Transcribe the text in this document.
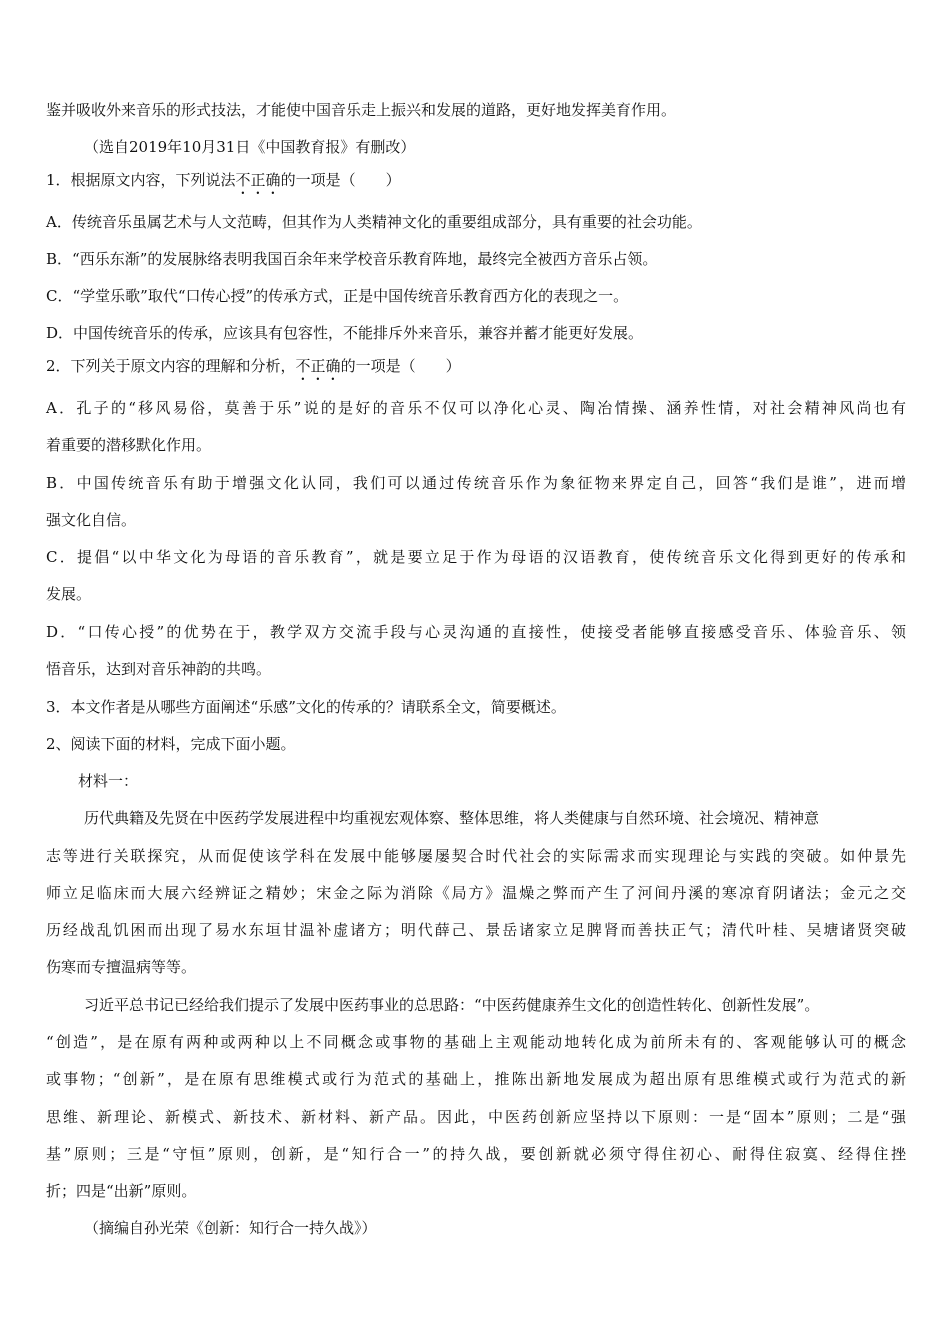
鉴并吸收外来音乐的形式技法，才能使中国音乐走上振兴和发展的道路，更好地发挥美育作用。
（选自2019年10月31日《中国教育报》有删改）
1．根据原文内容，下列说法不正确的一项是（　　）
A．传统音乐虽属艺术与人文范畴，但其作为人类精神文化的重要组成部分，具有重要的社会功能。
B．“西乐东渐”的发展脉络表明我国百余年来学校音乐教育阵地，最终完全被西方音乐占领。
C．“学堂乐歌”取代“口传心授”的传承方式，正是中国传统音乐教育西方化的表现之一。
D．中国传统音乐的传承，应该具有包容性，不能排斥外来音乐，兼容并蓄才能更好发展。
2．下列关于原文内容的理解和分析，不正确的一项是（　　）
A．孔子的“移风易俗，莫善于乐”说的是好的音乐不仅可以净化心灵、陶冶情操、涵养性情，对社会精神风尚也有
着重要的潜移默化作用。
B．中国传统音乐有助于增强文化认同，我们可以通过传统音乐作为象征物来界定自己，回答“我们是谁”，进而增
强文化自信。
C．提倡“以中华文化为母语的音乐教育”，就是要立足于作为母语的汉语教育，使传统音乐文化得到更好的传承和
发展。
D．“口传心授”的优势在于，教学双方交流手段与心灵沟通的直接性，使接受者能够直接感受音乐、体验音乐、领
悟音乐，达到对音乐神韵的共鸣。
3．本文作者是从哪些方面阐述“乐感”文化的传承的？请联系全文，简要概述。
2、阅读下面的材料，完成下面小题。
材料一：
历代典籍及先贤在中医药学发展进程中均重视宏观体察、整体思维，将人类健康与自然环境、社会境况、精神意
志等进行关联探究，从而促使该学科在发展中能够屡屡契合时代社会的实际需求而实现理论与实践的突破。如仲景先
师立足临床而大展六经辨证之精妙；宋金之际为消除《局方》温燥之弊而产生了河间丹溪的寒凉育阴诸法；金元之交
历经战乱饥困而出现了易水东垣甘温补虚诸方；明代薛己、景岳诸家立足脾肾而善扶正气；清代叶桂、吴塘诸贤突破
伤寒而专擅温病等等。
习近平总书记已经给我们提示了发展中医药事业的总思路：“中医药健康养生文化的创造性转化、创新性发展”。
“创造”，是在原有两种或两种以上不同概念或事物的基础上主观能动地转化成为前所未有的、客观能够认可的概念
或事物；“创新”，是在原有思维模式或行为范式的基础上，推陈出新地发展成为超出原有思维模式或行为范式的新
思维、新理论、新模式、新技术、新材料、新产品。因此，中医药创新应坚持以下原则：一是“固本”原则；二是“强
基”原则；三是“守恒”原则，创新，是“知行合一”的持久战，要创新就必须守得住初心、耐得住寂寞、经得住挫
折；四是“出新”原则。
（摘编自孙光荣《创新：知行合一持久战》）
